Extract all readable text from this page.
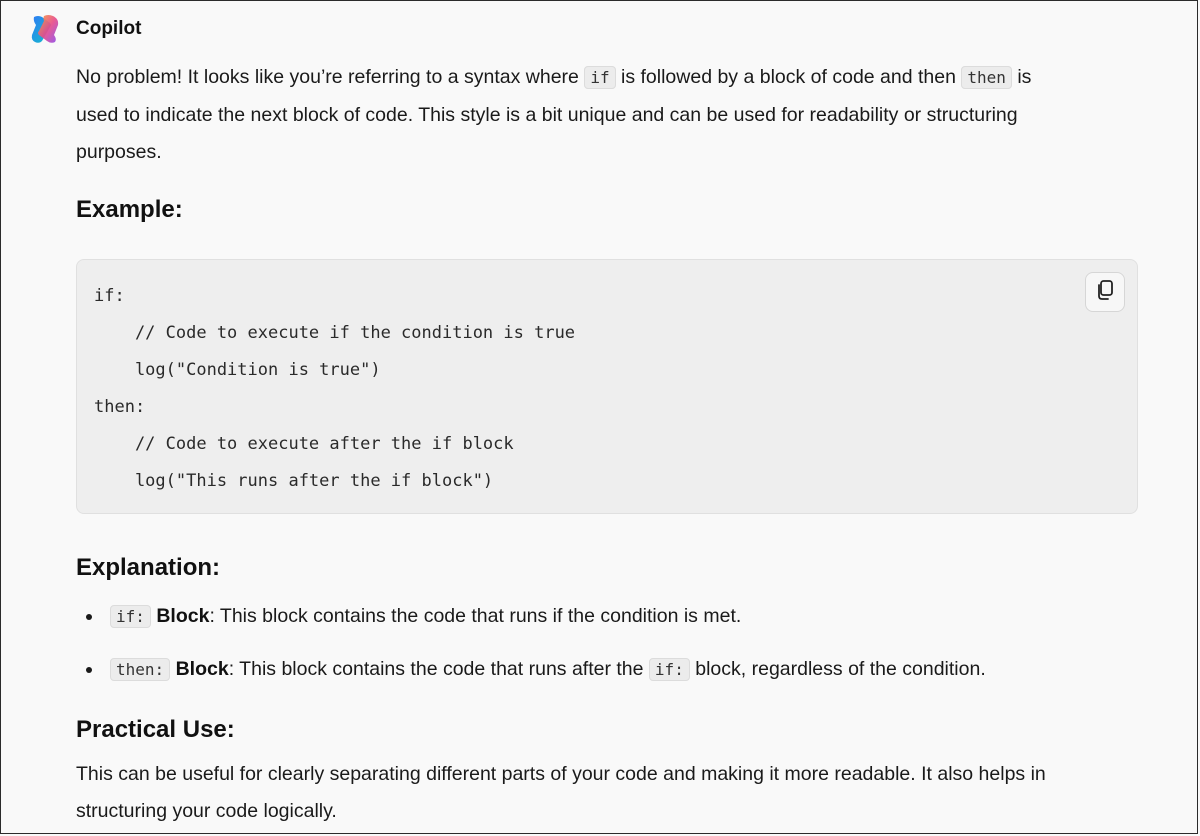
Copilot
No problem! It looks like you’re referring to a syntax where if is followed by a block of code and then then is
used to indicate the next block of code. This style is a bit unique and can be used for readability or structuring
purposes.
Example:
if:
// Code to execute if the condition is true
log("Condition is true")
then:
// Code to execute after the if block
log("This runs after the if block")
Explanation:
if:
Block : This block contains the code that runs if the condition is met.
then:
Block : This block contains the code that runs after the
if:
block, regardless of the condition.
Practical Use:
This can be useful for clearly separating different parts of your code and making it more readable. It also helps in
structuring your code logically.
